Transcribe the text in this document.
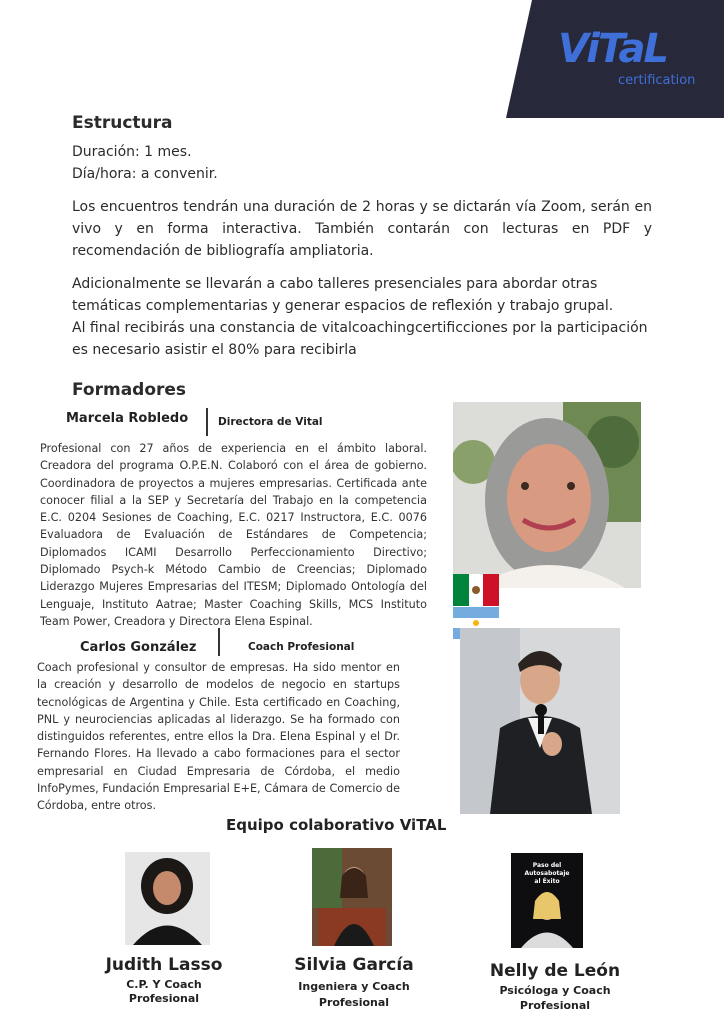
ViTaL
certification
Estructura
Duración: 1 mes.
Día/hora: a convenir.
Los encuentros tendrán una duración de 2 horas y se dictarán vía Zoom, serán en vivo y en forma interactiva. También contarán con lecturas en PDF y recomendación de bibliografía ampliatoria.
Adicionalmente se llevarán a cabo talleres presenciales para abordar otras temáticas complementarias y generar espacios de reflexión y trabajo grupal.
Al final recibirás una constancia de vitalcoachingcertificciones por la participación es necesario asistir el 80% para recibirla
Formadores
Marcela Robledo	Directora de Vital
Profesional con 27 años de experiencia en el ámbito laboral. Creadora del programa O.P.E.N. Colaboró con el área de gobierno. Coordinadora de proyectos a mujeres empresarias. Certificada ante conocer filial a la SEP y Secretaría del Trabajo en la competencia E.C. 0204 Sesiones de Coaching, E.C. 0217 Instructora, E.C. 0076 Evaluadora de Evaluación de Estándares de Competencia; Diplomados ICAMI Desarrollo Perfeccionamiento Directivo; Diplomado Psych-k Método Cambio de Creencias; Diplomado Liderazgo Mujeres Empresarias del ITESM; Diplomado Ontología del Lenguaje, Instituto Aatrae; Master Coaching Skills, MCS Instituto Team Power, Creadora y Directora Elena Espinal.
Carlos González	Coach Profesional
Coach profesional y consultor de empresas. Ha sido mentor en la creación y desarrollo de modelos de negocio en startups tecnológicas de Argentina y Chile. Esta certificado en Coaching, PNL y neurociencias aplicadas al liderazgo. Se ha formado con distinguidos referentes, entre ellos la Dra. Elena Espinal y el Dr. Fernando Flores. Ha llevado a cabo formaciones para el sector empresarial en Ciudad Empresaria de Córdoba, el medio InfoPymes, Fundación Empresarial E+E, Cámara de Comercio de Córdoba, entre otros.
Equipo colaborativo ViTAL
Paso del
Autosabotaje
al Éxito
Judith Lasso
C.P. Y Coach
Profesional
Silvia García
Ingeniera y Coach
Profesional
Nelly de León
Psicóloga y Coach
Profesional
